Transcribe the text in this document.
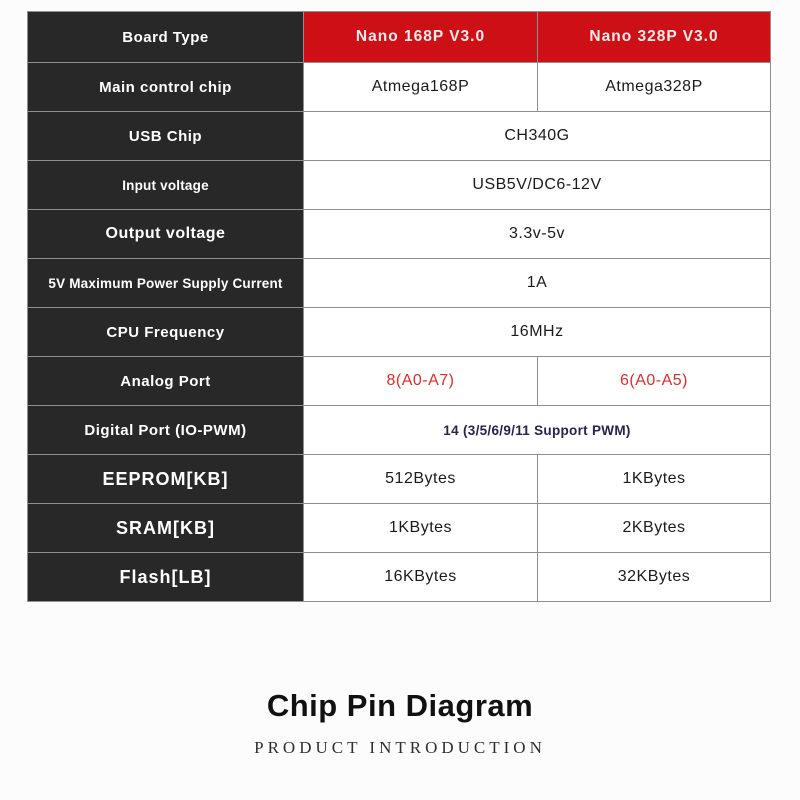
Board Type	Nano 168P V3.0	Nano 328P V3.0
Main control chip	Atmega168P	Atmega328P
USB Chip	CH340G	
Input voltage	USB5V/DC6-12V	
Output voltage	3.3v-5v	
5V Maximum Power Supply Current	1A	
CPU Frequency	16MHz	
Analog Port	8(A0-A7)	6(A0-A5)
Digital Port (IO-PWM)	14 (3/5/6/9/11 Support PWM)	
EEPROM[KB]	512Bytes	1KBytes
SRAM[KB]	1KBytes	2KBytes
Flash[LB]	16KBytes	32KBytes
Chip Pin Diagram
PRODUCT INTRODUCTION
